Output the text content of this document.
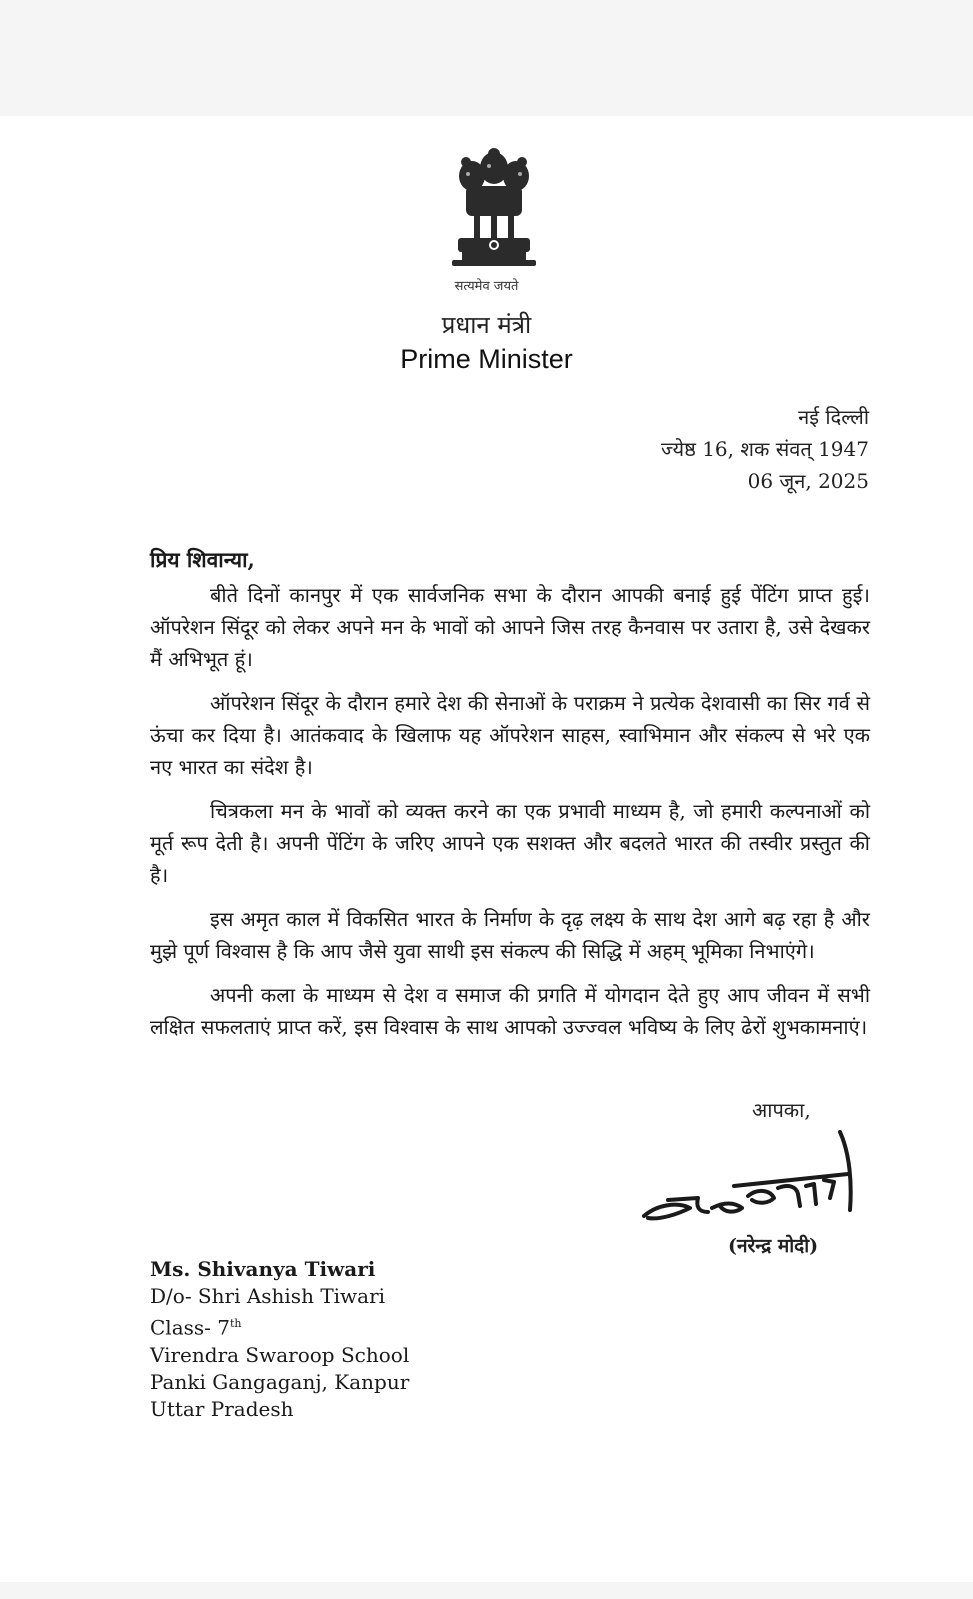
सत्यमेव जयते
प्रधान मंत्री
Prime Minister
नई दिल्ली
ज्येष्ठ 16, शक संवत् 1947
06 जून, 2025
प्रिय शिवान्या,

बीते दिनों कानपुर में एक सार्वजनिक सभा के दौरान आपकी बनाई हुई पेंटिंग प्राप्त हुई। ऑपरेशन सिंदूर को लेकर अपने मन के भावों को आपने जिस तरह कैनवास पर उतारा है, उसे देखकर मैं अभिभूत हूं।

ऑपरेशन सिंदूर के दौरान हमारे देश की सेनाओं के पराक्रम ने प्रत्येक देशवासी का सिर गर्व से ऊंचा कर दिया है। आतंकवाद के खिलाफ यह ऑपरेशन साहस, स्वाभिमान और संकल्प से भरे एक नए भारत का संदेश है।

चित्रकला मन के भावों को व्यक्त करने का एक प्रभावी माध्यम है, जो हमारी कल्पनाओं को मूर्त रूप देती है। अपनी पेंटिंग के जरिए आपने एक सशक्त और बदलते भारत की तस्वीर प्रस्तुत की है।

इस अमृत काल में विकसित भारत के निर्माण के दृढ़ लक्ष्य के साथ देश आगे बढ़ रहा है और मुझे पूर्ण विश्वास है कि आप जैसे युवा साथी इस संकल्प की सिद्धि में अहम् भूमिका निभाएंगे।

अपनी कला के माध्यम से देश व समाज की प्रगति में योगदान देते हुए आप जीवन में सभी लक्षित सफलताएं प्राप्त करें, इस विश्वास के साथ आपको उज्ज्वल भविष्य के लिए ढेरों शुभकामनाएं।

आपका,
(नरेन्द्र मोदी)
Ms. Shivanya Tiwari
D/o- Shri Ashish Tiwari
Class- 7th
Virendra Swaroop School
Panki Gangaganj, Kanpur
Uttar Pradesh
